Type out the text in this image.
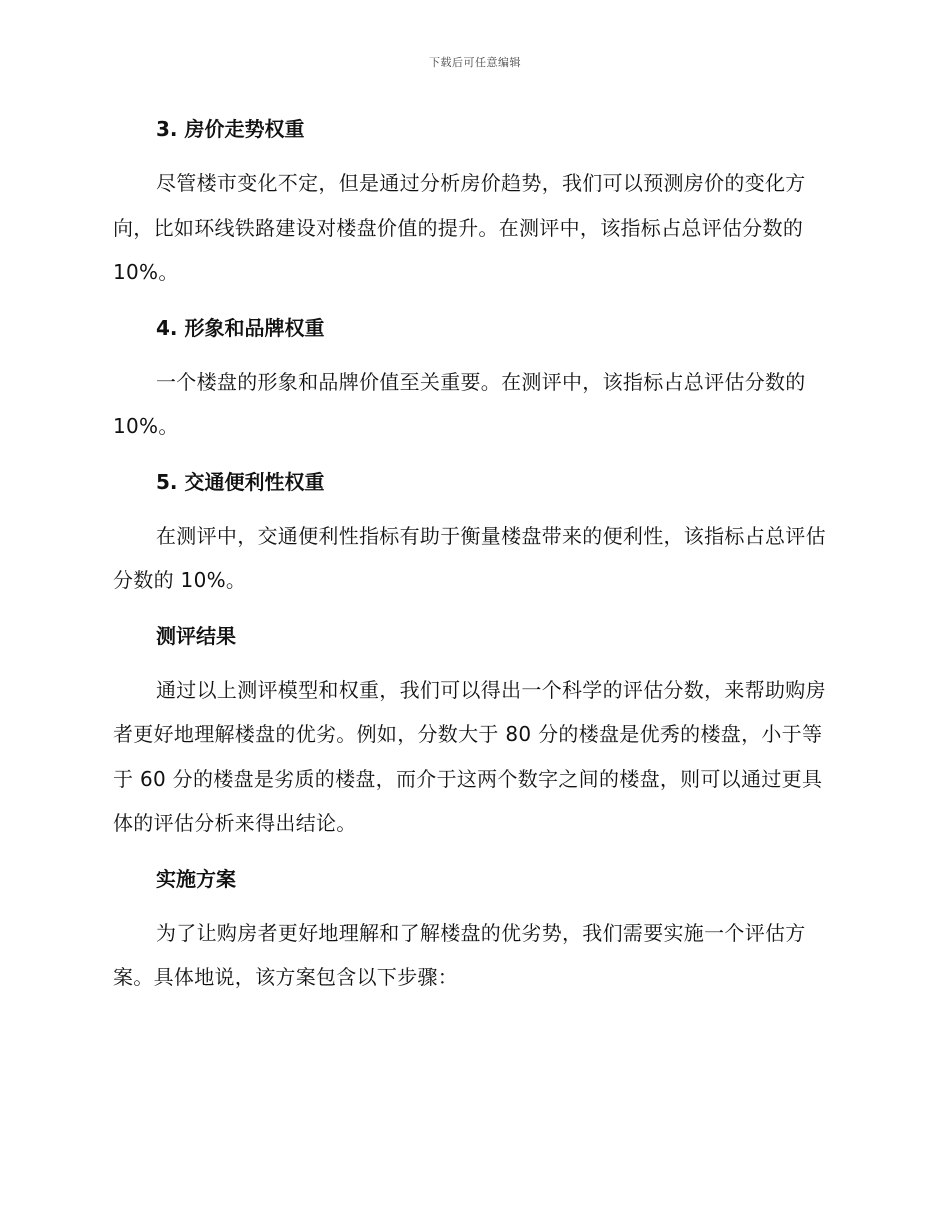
下载后可任意编辑
3. 房价走势权重

尽管楼市变化不定，但是通过分析房价趋势，我们可以预测房价的变化方向，比如环线铁路建设对楼盘价值的提升。在测评中，该指标占总评估分数的 10%。

4. 形象和品牌权重

一个楼盘的形象和品牌价值至关重要。在测评中，该指标占总评估分数的 10%。

5. 交通便利性权重

在测评中，交通便利性指标有助于衡量楼盘带来的便利性，该指标占总评估分数的 10%。

测评结果

通过以上测评模型和权重，我们可以得出一个科学的评估分数，来帮助购房者更好地理解楼盘的优劣。例如，分数大于 80 分的楼盘是优秀的楼盘，小于等于 60 分的楼盘是劣质的楼盘，而介于这两个数字之间的楼盘，则可以通过更具体的评估分析来得出结论。

实施方案

为了让购房者更好地理解和了解楼盘的优劣势，我们需要实施一个评估方案。具体地说，该方案包含以下步骤：
